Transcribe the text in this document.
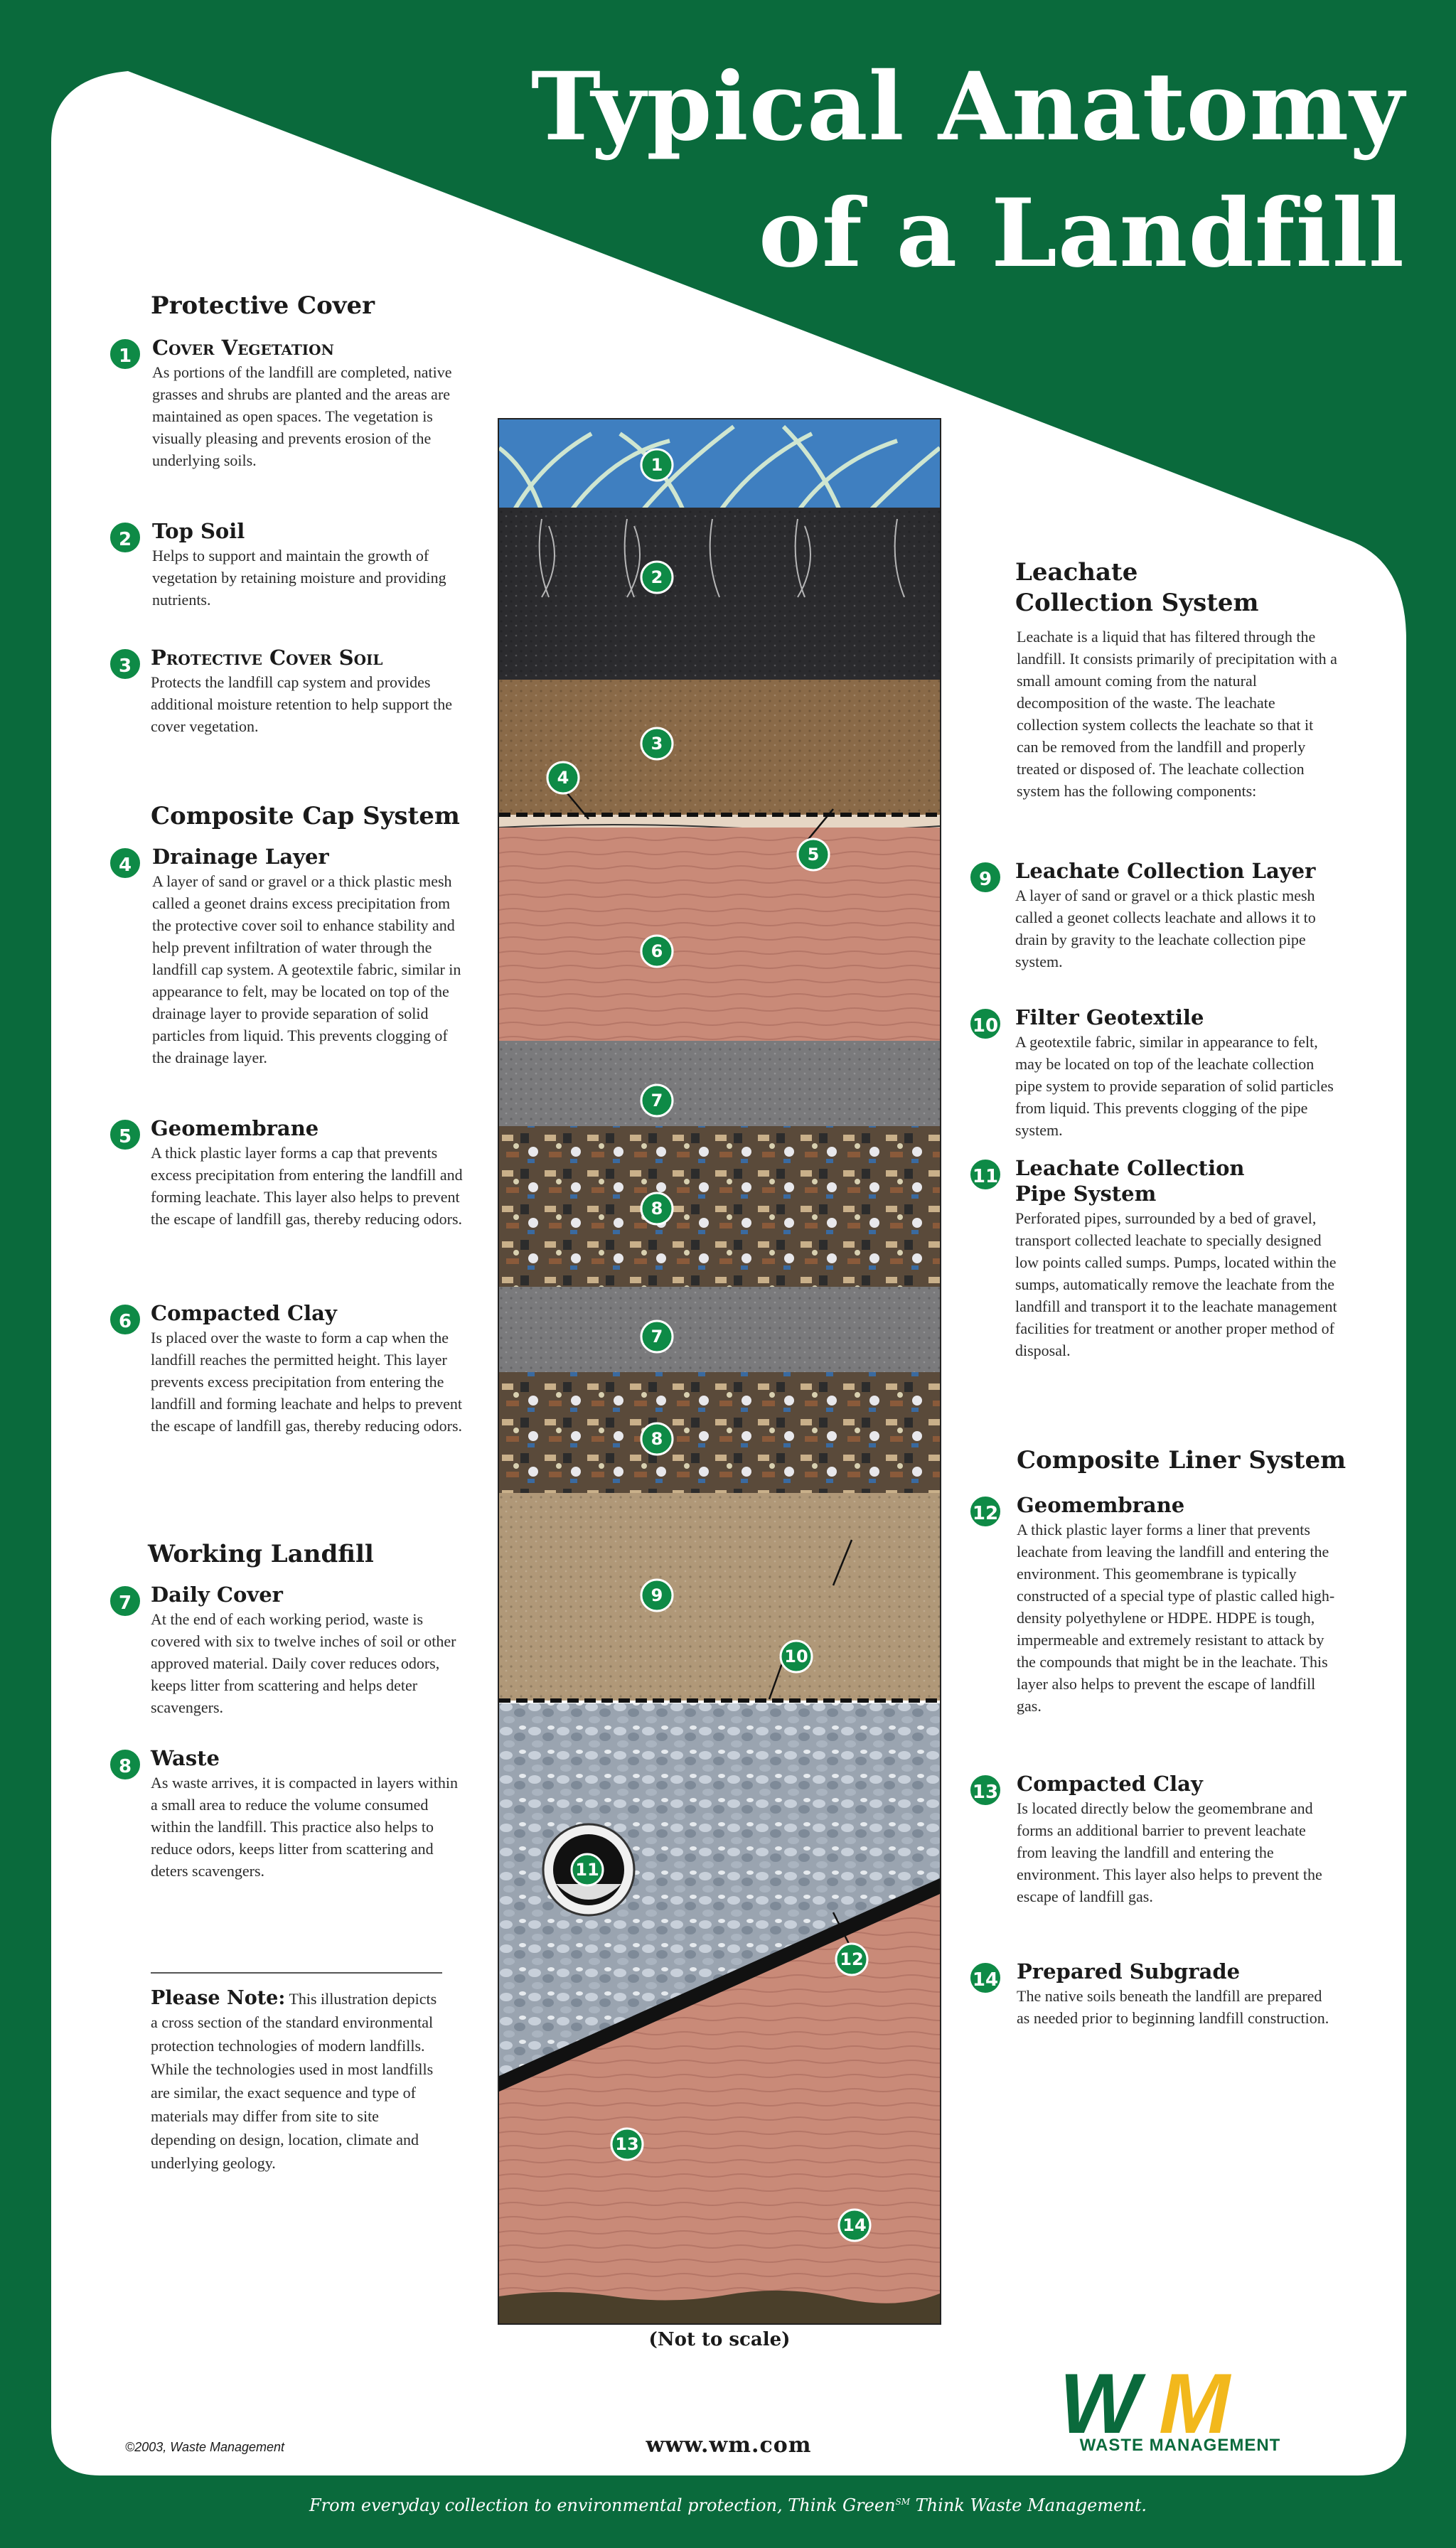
Typical Anatomy
of a Landfill
Protective Cover
1 Cover Vegetation

As portions of the landfill are completed, native grasses and shrubs are planted and the areas are maintained as open spaces. The vegetation is visually pleasing and prevents erosion of the underlying soils.

2 Top Soil

Helps to support and maintain the growth of vegetation by retaining moisture and providing nutrients.

3 Protective Cover Soil

Protects the landfill cap system and provides additional moisture retention to help support the cover vegetation.

Composite Cap System
4 Drainage Layer

A layer of sand or gravel or a thick plastic mesh called a geonet drains excess precipitation from the protective cover soil to enhance stability and help prevent infiltration of water through the landfill cap system. A geotextile fabric, similar in appearance to felt, may be located on top of the drainage layer to provide separation of solid particles from liquid. This prevents clogging of the drainage layer.

5 Geomembrane

A thick plastic layer forms a cap that prevents excess precipitation from entering the landfill and forming leachate. This layer also helps to prevent the escape of landfill gas, thereby reducing odors.

6 Compacted Clay

Is placed over the waste to form a cap when the landfill reaches the permitted height. This layer prevents excess precipitation from entering the landfill and forming leachate and helps to prevent the escape of landfill gas, thereby reducing odors.

Working Landfill
7 Daily Cover

At the end of each working period, waste is covered with six to twelve inches of soil or other approved material. Daily cover reduces odors, keeps litter from scattering and helps deter scavengers.

8 Waste

As waste arrives, it is compacted in layers within a small area to reduce the volume consumed within the landfill. This practice also helps to reduce odors, keeps litter from scattering and deters scavengers.

Please Note: This illustration depicts a cross section of the standard environmental protection technologies of modern landfills. While the technologies used in most landfills are similar, the exact sequence and type of materials may differ from site to site depending on design, location, climate and underlying geology.
1
2
3
4
5
6
7
8
7
8
9
10
11
12
13
14
(Not to scale)
Leachate
Collection System

Leachate is a liquid that has filtered through the landfill. It consists primarily of precipitation with a small amount coming from the natural decomposition of the waste. The leachate collection system collects the leachate so that it can be removed from the landfill and properly treated or disposed of. The leachate collection system has the following components:

9	Leachate Collection Layer

A layer of sand or gravel or a thick plastic mesh called a geonet collects leachate and allows it to drain by gravity to the leachate collection pipe system.

10 Filter Geotextile

A geotextile fabric, similar in appearance to felt, may be located on top of the leachate collection pipe system to provide separation of solid particles from liquid. This prevents clogging of the pipe system.

11 Leachate Collection
Pipe System

Perforated pipes, surrounded by a bed of gravel, transport collected leachate to specially designed low points called sumps. Pumps, located within the sumps, automatically remove the leachate from the landfill and transport it to the leachate management facilities for treatment or another proper method of disposal.

Composite Liner System
12 Geomembrane

A thick plastic layer forms a liner that prevents leachate from leaving the landfill and entering the environment. This geomembrane is typically constructed of a special type of plastic called high-density polyethylene or HDPE. HDPE is tough, impermeable and extremely resistant to attack by the compounds that might be in the leachate. This layer also helps to prevent the escape of landfill gas.

13 Compacted Clay

Is located directly below the geomembrane and forms an additional barrier to prevent leachate from leaving the landfill and entering the environment. This layer also helps to prevent the escape of landfill gas.

14 Prepared Subgrade

The native soils beneath the landfill are prepared as needed prior to beginning landfill construction.

W M
WASTE MANAGEMENT
©2003, Waste Management	www.wm.com
From everyday collection to environmental protection, Think Green℠ Think Waste Management.
